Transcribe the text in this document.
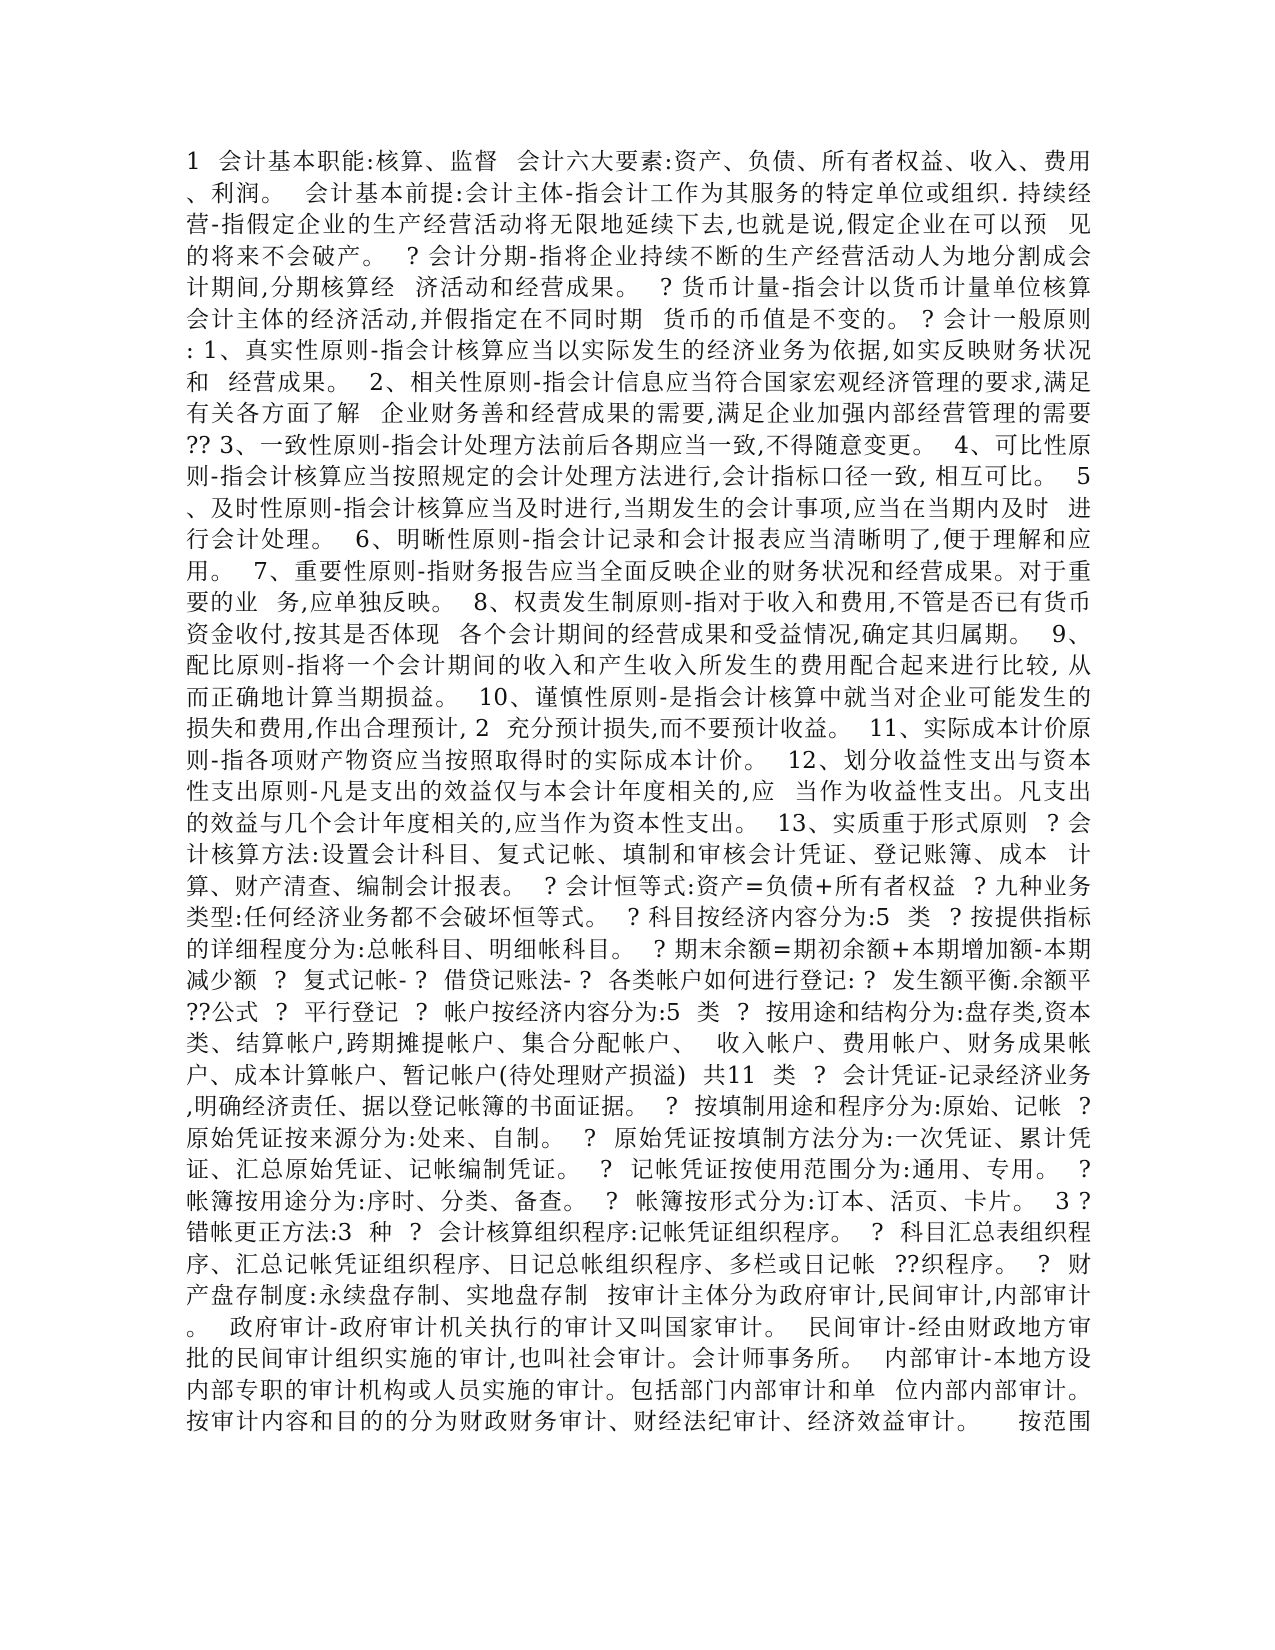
1  会计基本职能:核算、监督  会计六大要素:资产、负债、所有者权益、收入、费用
、利润。  会计基本前提:会计主体-指会计工作为其服务的特定单位或组织. 持续经
营-指假定企业的生产经营活动将无限地延续下去,也就是说,假定企业在可以预  见
的将来不会破产。  ? 会计分期-指将企业持续不断的生产经营活动人为地分割成会
计期间,分期核算经  济活动和经营成果。  ? 货币计量-指会计以货币计量单位核算
会计主体的经济活动,并假指定在不同时期  货币的币值是不变的。 ? 会计一般原则
: 1、真实性原则-指会计核算应当以实际发生的经济业务为依据,如实反映财务状况
和  经营成果。  2、相关性原则-指会计信息应当符合国家宏观经济管理的要求,满足
有关各方面了解  企业财务善和经营成果的需要,满足企业加强内部经营管理的需要
?? 3、一致性原则-指会计处理方法前后各期应当一致,不得随意变更。  4、可比性原
则-指会计核算应当按照规定的会计处理方法进行,会计指标口径一致, 相互可比。  5
、及时性原则-指会计核算应当及时进行,当期发生的会计事项,应当在当期内及时  进
行会计处理。  6、明晰性原则-指会计记录和会计报表应当清晰明了,便于理解和应
用。  7、重要性原则-指财务报告应当全面反映企业的财务状况和经营成果。对于重
要的业  务,应单独反映。  8、权责发生制原则-指对于收入和费用,不管是否已有货币
资金收付,按其是否体现  各个会计期间的经营成果和受益情况,确定其归属期。  9、
配比原则-指将一个会计期间的收入和产生收入所发生的费用配合起来进行比较, 从
而正确地计算当期损益。  10、谨慎性原则-是指会计核算中就当对企业可能发生的
损失和费用,作出合理预计, 2  充分预计损失,而不要预计收益。  11、实际成本计价原
则-指各项财产物资应当按照取得时的实际成本计价。  12、划分收益性支出与资本
性支出原则-凡是支出的效益仅与本会计年度相关的,应  当作为收益性支出。凡支出
的效益与几个会计年度相关的,应当作为资本性支出。  13、实质重于形式原则  ? 会
计核算方法:设置会计科目、复式记帐、填制和审核会计凭证、登记账簿、成本  计
算、财产清查、编制会计报表。  ? 会计恒等式:资产=负债+所有者权益  ? 九种业务
类型:任何经济业务都不会破坏恒等式。  ? 科目按经济内容分为:5  类  ? 按提供指标
的详细程度分为:总帐科目、明细帐科目。  ? 期末余额=期初余额+本期增加额-本期
减少额  ?  复式记帐- ?  借贷记账法- ?  各类帐户如何进行登记: ?  发生额平衡.余额平
??公式  ?  平行登记  ?  帐户按经济内容分为:5  类  ?  按用途和结构分为:盘存类,资本
类、结算帐户,跨期摊提帐户、集合分配帐户、  收入帐户、费用帐户、财务成果帐
户、成本计算帐户、暂记帐户(待处理财产损溢)  共11  类  ?  会计凭证-记录经济业务
,明确经济责任、据以登记帐簿的书面证据。  ?  按填制用途和程序分为:原始、记帐  ?
原始凭证按来源分为:处来、自制。  ?  原始凭证按填制方法分为:一次凭证、累计凭
证、汇总原始凭证、记帐编制凭证。  ?  记帐凭证按使用范围分为:通用、专用。  ?
帐簿按用途分为:序时、分类、备查。  ?  帐簿按形式分为:订本、活页、卡片。  3 ?
错帐更正方法:3  种  ?  会计核算组织程序:记帐凭证组织程序。  ?  科目汇总表组织程
序、汇总记帐凭证组织程序、日记总帐组织程序、多栏或日记帐  ??织程序。  ?  财
产盘存制度:永续盘存制、实地盘存制  按审计主体分为政府审计,民间审计,内部审计
。  政府审计-政府审计机关执行的审计又叫国家审计。  民间审计-经由财政地方审
批的民间审计组织实施的审计,也叫社会审计。会计师事务所。  内部审计-本地方设
内部专职的审计机构或人员实施的审计。包括部门内部审计和单  位内部内部审计。
按审计内容和目的的分为财政财务审计、财经法纪审计、经济效益审计。    按范围
